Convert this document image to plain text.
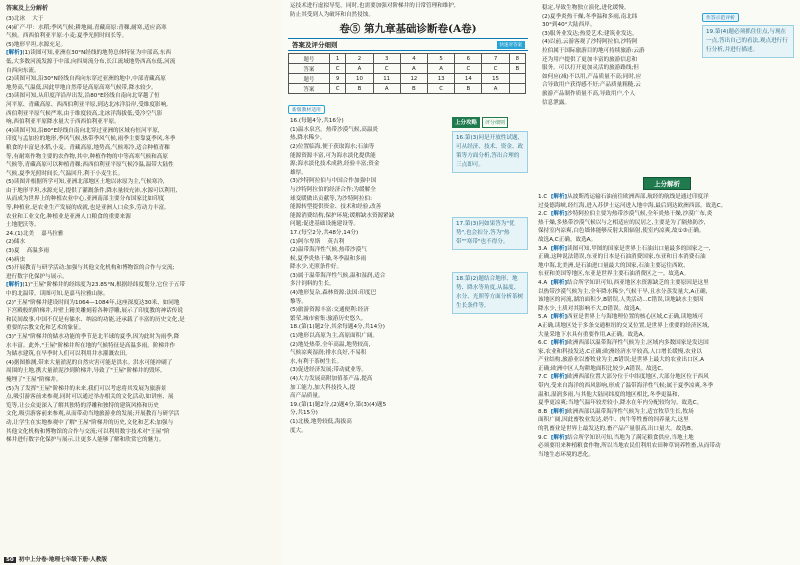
答案及上分解析
(3)北冰    大于
(4)矿产·甲：水稻;季风气候;耕地阔,青藏高原:青稞,耐寒,适应高寒
气候。西西伯利亚平原:小麦;夏季光照时间长等。
(5)地形平坦,水源充足。
[解析](1)读图可知,亚洲在30°N经线的地势总体特征为中部高,东西
低,大多数河流发源于中部,向四周流分布,长江流域地势西高东低,河流
自西向东流。
(2)读图可知,沿30°N经线自西向东穿过亚洲的地中,中部青藏高原
地势高,气温低,因此甲地自然带是高原高寒气候带,降水较少。
(3)读图可知,从印度洋沿岸出发,沿80°E经线自南向北穿越了恒
河平原、青藏高原、西西伯利亚平原,到达北冰洋沿岸,受维度影响,
西伯利亚平原气候严寒,由于维度较高,北冰洋海拔低,受冷空气影
响,西伯利亚平原降水量大于西西伯利亚平原。
(4)读图可知,沿80°E经线自南向北穿过亚洲的区域有恒河平原,
印度与孟加拉的地形,季风气候,热带季风气候,雨季主要靠夏季风,冬季
粮食的丰富是水稻,小麦。青藏高原,地势高,气候寒冷,适合种植青稞
等,有耐寒作物主要的农作物,其中,种植作物的中等高寒气候和高原
气候等,青藏高原可以种植青稞;西西伯利亚平原气候冷温,温带大陆性
气候,夏季光照时间长,气温回升,利于小麦生长。
(5)读图并根据所学可知,亚洲北部地区土地以冰原为主,气候寒冷,
由于地形平坦,水源充足,提供了灌溉条件,降水量较充沛,水源可以利用,
从而成为世界上的种植农业中心,亚洲南部主要分布国家比如印度
等,种植业,是农业生产发展的成就,也是亚洲人口众多,劳动力丰富,
农业和工业文化,种植业是亚洲人口粮食的重要来源
土地肥沃等。
24.(1)北美    嘉马拉雅
(2)储水
(3)夏    高温多雨
(4)病虫
(5)开展教育与研学活动;加强与其他文化机构和博物馆的合作与交流;
进行数字化保护与展示。
[解析](1)"王屋"阶梯井的经纬度为23.85°N,根据经纬度划分,它位于五带
中的北温带。读图可知,是嘉马拉雅山脉。
(2)"王屋"阶梯井建设时间为1064—1084年,这座深度达30米、如同地
下宫殿般的阶梯井,并壁上精美雕刻着各种浮雕,展示了印度教的神话传说
和民间故事,中国不仅是有储水、纳凉的功能,还承载了丰富的历史文化,是
重要的宗教文化和艺术的象征。
(3)"王屋"阶梯井的储水功能的季节是北半球的夏季,因为此时为雨季,降
水丰富。此外,"王屋"阶梯井所在地的气候特征是高温多雨。阶梯井作
为储水建筑,在旱季时人们可以利用井水灌溉农田。
(4)据图推测,带来大量淤泥的自然灾害可能是洪水。洪水可能冲刷了
周围的土地,携大量淤泥沙到阶梯井,导致了"王屋"阶梯井的毁坏,
掩埋了"王屋"阶梯井。
(5)为了发挥"王屋"阶梯井的未来,我们可以考虑将其发展为旅游景
点,吸引游客前来参观,同时可以通过举办相关的文化活动,如讲座、展
览等,让公众更深入了解其独特的浮雕和独特的建筑风格和历史
文化,吸引游客前来参观,从而带动当地旅游业的发展;开展教育与研学活
动,让学生在实地参观中了解"王屋"阶梯井的历史,文化和艺术;加强与
其他文化机构和博物馆的合作与交流;可以利用数字技术对"王屋"阶
梯井进行数字化保护与展示,让更多人能够了解和欣赏它的魅力。
50 初中上分卷·地理七年级下册·人教版
运技术进行虚拟导览。同时,也需要加强对阶梯井的日常管理和维护,
防止其受到人为破坏和自然侵蚀。
卷⑤ 第九章基础诊断卷(A卷)
答案及评分细则	快速对答案
题号	1	2	3	4	5	6	7	8
答案	C	A	C	A	A	C	C	B
题号	9	10	11	12	13	14	15	
答案	C	B	A	B	C	B	A	
新版教材适用
16.(每题4分,共16分)
(1)温水泉宫。热带沙漠气候,高温炎
热,降水稀少。
(2)位置临海,便于获取海水;石油等
能源资源丰富,可为海水淡化提供能
源;海水淡化技术成熟,经验丰富;资金
雄厚。
(3)沙特阿拉伯与中国合作加强中国
与沙特阿拉伯的经济合作;为缓解全
球变暖做出贡献等,为沙特阿拉伯:
能源转型提供资金、技术和经验,改善
能源消费结构,保护环境;缓解缺水资源紧缺
问题;促进基础设施建设等。
17.(每空2分,共48分,14分)
(1)阿尔卑斯    英吉利
(2)温带海洋性气候,热带沙漠气
候,夏季炎热干燥,冬季温和多雨
降水少,光照条件好。
(3)属于温带海洋性气候,温和湿润,适合
多汁饲料的生长。
(4)地形复杂,森林资源;法国:印度巴
黎等。
(5)旅游资源丰富:交通便利:经济
繁荣,城市密集:旅游历史悠久。
18.(第(1)题2分,其余每题4分,共14分)
(1)地形以高原为主,高原面积广阔。
(2)地处热带,全年高温,地势较高,
气候凉爽湿润;排水良好,不易积
水,有利于茶树生长。
(3)促进经济发展;带动就业等。
(4)大力发展高附加值茶产品,提高
加工能力,加大科技投入,提
高产品质量。
19.(第(1)题2分,(2)题4分,第(3)(4)题5
分,共15分)
(1)北极,地势较低,海拔高
度大。
上分攻略	评分细则
16.第(3)问是开放性试题,可从经济、技术、资金、政策等方面分析,答出合理的三点即可。
17.第(3)问如果答为"优势",也会扣分,答为"热带""寒带"也不得分。
18.第(2)题结合地形、地势、降水等角度,从温度、水分、光照等方面分析茶树生长条件等。
稳定,导致生物独立演化,进化缓慢。
(2)夏季炎热干燥,冬季温和多雨,南北纬
30°到40°大陆西岸。
(3)服务业发达;热爱艺术;建筑业发达。
(4)以前,云游客观了沙特阿拉伯,沙特阿
拉伯属于国际旅游目的地可持续旅游:云游
还为用户提供了更加丰富的旅游信息和
服务。可以打开更加灵活的旅游路线;但
如何应(减)不以用,产品质量不高;同时,应
合导致用户获得感不好;产品质量粗糙,云
旅游产品制作质量不高,导致用户,个人
信息泄露。
作答示范评析
19.第(4)题必须抓住住点,与现在一点,答出自己的看法,观点进行行行分析,并进行描述。
上分解析
1.C  [解析]从波斯湾运输石油前往欧洲西部,航经的航线是通过印度洋
过曼德海峡,经红海,进入苏伊士运河进入地中海,最后到达欧洲西部。故选C。
2.C  [解析]沙特阿拉伯主要为热带沙漠气候,全年炎热干燥,沙漠广布,炎
热干燥,多热带沙漠气候以与之相适应的民居之,主要是为了隔热防沙,
保持室内凉爽,白色墙体能够反射太阳辐射,使室内凉爽,故①③正确。
故选A,C正确。故选A。
3.A  [解析]读图可知,甲图的国家是世界上石油出口量最多的国家之一,
正确,这种说法错误,东亚的日本是石油消费国家,东亚和日本消费石油
地中海,北美洲,是石油进口量最大的国家,石油主要运往西欧、
东亚和美国等地区,东亚是世界主要石油消费区之一。故选A。
4.A  [解析]结合所学知识可知,西亚地区水资源缺乏的主要原因是这里
以热带沙漠气候为主,全年降水稀少,气候干旱,且水分蒸发量大,A正确,
该地区的河流,湖泊面积少,B错误,人类活动...C错误,读地缺水主要因
降水少,土质对其影响不大,D错误。故选A。
5.A  [解析]西亚是世界上与海地理位置的核心区域,C正确,读地域可
A正确,读地区处于多条交通枢纽的交叉位置,是世界上重要的经济区域,
大量采地下水具有重要作用,A正确。故选A。
6.C  [解析]欧洲西部以温带海洋性气候为主,区域内多数国家是发达国
家,农业和科技发达,C正确;欧洲经济水平较高,人口增长缓慢,农业以
产业结构,旅游业以畜牧业为主,B错误;是世界上最大的农业出口区,A
正确;欧洲中区人均耕地面积比较少,A错误。故选C。
7.C  [解析]欧洲西部位置大部分位于中纬度地区,大部分地区位于西风
带内,受来自海洋的西风影响,形成了温带海洋性气候;属于夏季凉爽,冬季
温和,湿润多雨,与其他大陆同纬度的地区相比,冬季更温和,
夏季更凉爽;当地气温年较差较小,降水在年内分配较均匀。故选C。
8.B  [解析]欧洲西部以温带海洋性气候为主,适宜牧草生长,牧场
面积广阔,因此畜牧业发达,奶牛、肉牛等牲畜的饲养量大,这里
的乳畜业是世界上最发达的,畜产品产量很高,出口量大。故选B。
9.C  [解析]结合所学知识可知,当地为了满足粮食供应,当地土地
必须要用来种植粮食作物,所以当地农民们利用农田种草饲养牲畜,从而带动
当地生态环境的恶化。
